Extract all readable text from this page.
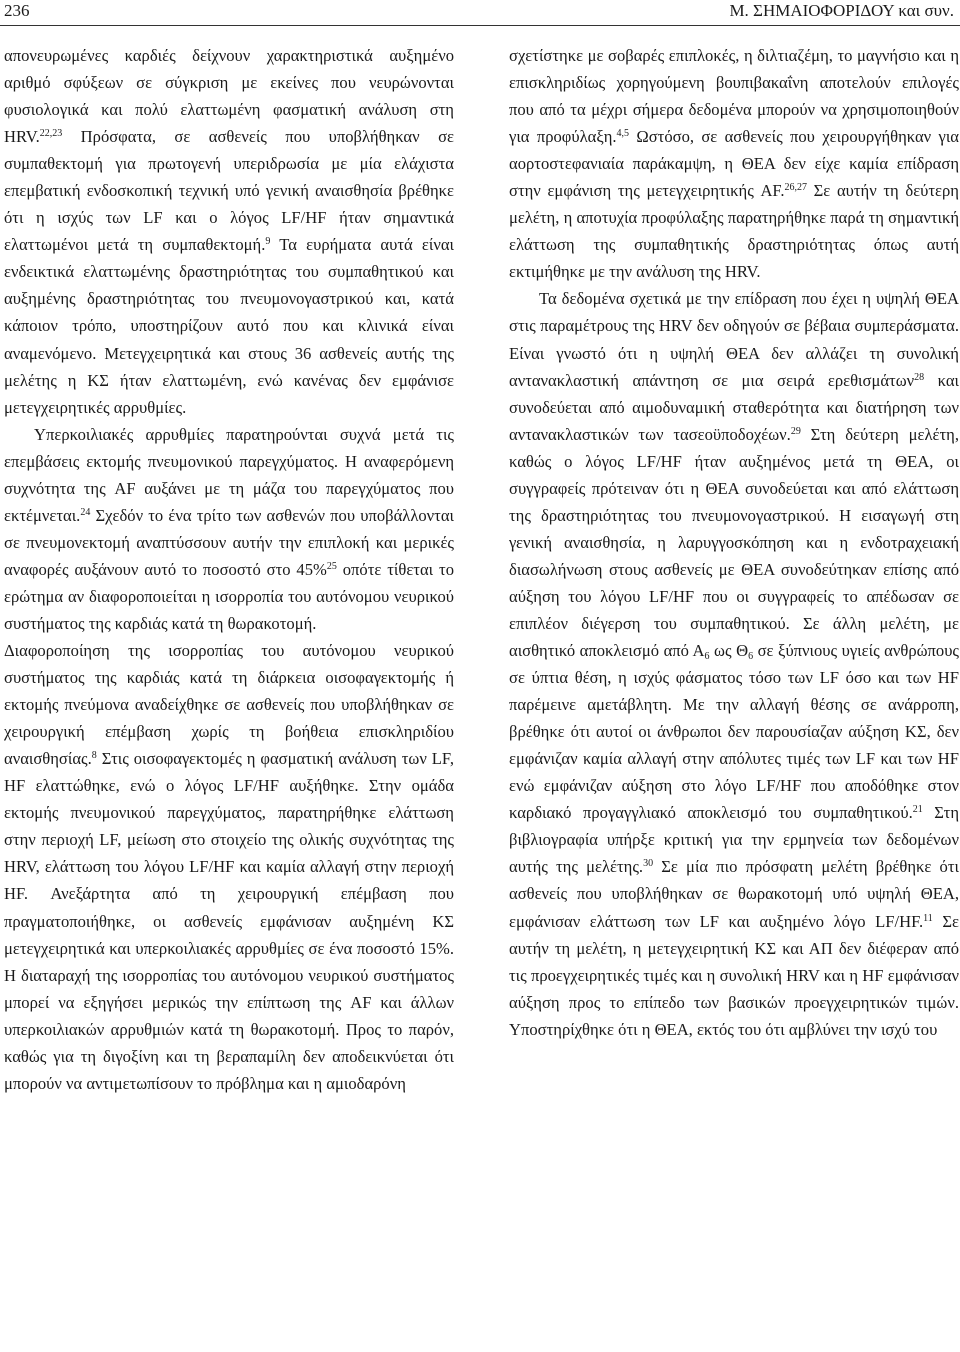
236	Μ. ΣΗΜΑΙΟΦΟΡΙΔΟΥ και συν.

απονευρωμένες καρδιές δείχνουν χαρακτηριστικά αυξημένο αριθμό σφύξεων σε σύγκριση με εκείνες που νευρώνονται φυσιολογικά και πολύ ελαττωμένη φασματική ανάλυση στη HRV.$^{22,23}$ Πρόσφατα, σε ασθενείς που υποβλήθηκαν σε συμπαθεκτομή για πρωτογενή υπεριδρωσία με μία ελάχιστα επεμβατική ενδοσκοπική τεχνική υπό γενική αναισθησία βρέθηκε ότι η ισχύς των LF και ο λόγος LF/HF ήταν σημαντικά ελαττωμένοι μετά τη συμπαθεκτομή.$^9$ Τα ευρήματα αυτά είναι ενδεικτικά ελαττωμένης δραστηριότητας του συμπαθητικού και αυξημένης δραστηριότητας του πνευμονογαστρικού και, κατά κάποιον τρόπο, υποστηρίζουν αυτό που και κλινικά είναι αναμενόμενο. Μετεγχειρητικά και στους 36 ασθενείς αυτής της μελέτης η ΚΣ ήταν ελαττωμένη, ενώ κανένας δεν εμφάνισε μετεγχειρητικές αρρυθμίες.

Υπερκοιλιακές αρρυθμίες παρατηρούνται συχνά μετά τις επεμβάσεις εκτομής πνευμονικού παρεγχύματος. Η αναφερόμενη συχνότητα της AF αυξάνει με τη μάζα του παρεγχύματος που εκτέμνεται.$^{24}$ Σχεδόν το ένα τρίτο των ασθενών που υποβάλλονται σε πνευμονεκτομή αναπτύσσουν αυτήν την επιπλοκή και μερικές αναφορές αυξάνουν αυτό το ποσοστό στο 45%$^{25}$ οπότε τίθεται το ερώτημα αν διαφοροποιείται η ισορροπία του αυτόνομου νευρικού συστήματος της καρδιάς κατά τη θωρακοτομή.

Διαφοροποίηση της ισορροπίας του αυτόνομου νευρικού συστήματος της καρδιάς κατά τη διάρκεια οισοφαγεκτομής ή εκτομής πνεύμονα αναδείχθηκε σε ασθενείς που υποβλήθηκαν σε χειρουργική επέμβαση χωρίς τη βοήθεια επισκληριδίου αναισθησίας.$^8$ Στις οισοφαγεκτομές η φασματική ανάλυση των LF, HF ελαττώθηκε, ενώ ο λόγος LF/HF αυξήθηκε. Στην ομάδα εκτομής πνευμονικού παρεγχύματος, παρατηρήθηκε ελάττωση στην περιοχή LF, μείωση στο στοιχείο της ολικής συχνότητας της HRV, ελάττωση του λόγου LF/HF και καμία αλλαγή στην περιοχή HF. Ανεξάρτητα από τη χειρουργική επέμβαση που πραγματοποιήθηκε, οι ασθενείς εμφάνισαν αυξημένη ΚΣ μετεγχειρητικά και υπερκοιλιακές αρρυθμίες σε ένα ποσοστό 15%. Η διαταραχή της ισορροπίας του αυτόνομου νευρικού συστήματος μπορεί να εξηγήσει μερικώς την επίπτωση της AF και άλλων υπερκοιλιακών αρρυθμιών κατά τη θωρακοτομή. Προς το παρόν, καθώς για τη διγοξίνη και τη βεραπαμίλη δεν αποδεικνύεται ότι μπορούν να αντιμετωπίσουν το πρόβλημα και η αμιοδαρόνη

σχετίστηκε με σοβαρές επιπλοκές, η διλτιαζέμη, το μαγνήσιο και η επισκληριδίως χορηγούμενη βουπιβακαΐνη αποτελούν επιλογές που από τα μέχρι σήμερα δεδομένα μπορούν να χρησιμοποιηθούν για προφύλαξη.$^{4,5}$ Ωστόσο, σε ασθενείς που χειρουργήθηκαν για αορτοστεφανιαία παράκαμψη, η ΘΕΑ δεν είχε καμία επίδραση στην εμφάνιση της μετεγχειρητικής AF.$^{26,27}$ Σε αυτήν τη δεύτερη μελέτη, η αποτυχία προφύλαξης παρατηρήθηκε παρά τη σημαντική ελάττωση της συμπαθητικής δραστηριότητας όπως αυτή εκτιμήθηκε με την ανάλυση της HRV.

Τα δεδομένα σχετικά με την επίδραση που έχει η υψηλή ΘΕΑ στις παραμέτρους της HRV δεν οδηγούν σε βέβαια συμπεράσματα. Είναι γνωστό ότι η υψηλή ΘΕΑ δεν αλλάζει τη συνολική αντανακλαστική απάντηση σε μια σειρά ερεθισμάτων$^{28}$ και συνοδεύεται από αιμοδυναμική σταθερότητα και διατήρηση των αντανακλαστικών των τασεοϋποδοχέων.$^{29}$ Στη δεύτερη μελέτη, καθώς ο λόγος LF/HF ήταν αυξημένος μετά τη ΘΕΑ, οι συγγραφείς πρότειναν ότι η ΘΕΑ συνοδεύεται και από ελάττωση της δραστηριότητας του πνευμονογαστρικού. Η εισαγωγή στη γενική αναισθησία, η λαρυγγοσκόπηση και η ενδοτραχειακή διασωλήνωση στους ασθενείς με ΘΕΑ συνοδεύτηκαν επίσης από αύξηση του λόγου LF/HF που οι συγγραφείς το απέδωσαν σε επιπλέον διέγερση του συμπαθητικού. Σε άλλη μελέτη, με αισθητικό αποκλεισμό από $A_6$ ως $\Theta_6$ σε ξύπνιους υγιείς ανθρώπους σε ύπτια θέση, η ισχύς φάσματος τόσο των LF όσο και των HF παρέμεινε αμετάβλητη. Με την αλλαγή θέσης σε ανάρροπη, βρέθηκε ότι αυτοί οι άνθρωποι δεν παρουσίαζαν αύξηση ΚΣ, δεν εμφάνιζαν καμία αλλαγή στην απόλυτες τιμές των LF και των HF ενώ εμφάνιζαν αύξηση στο λόγο LF/HF που αποδόθηκε στον καρδιακό προγαγγλιακό αποκλεισμό του συμπαθητικού.$^{21}$ Στη βιβλιογραφία υπήρξε κριτική για την ερμηνεία των δεδομένων αυτής της μελέτης.$^{30}$ Σε μία πιο πρόσφατη μελέτη βρέθηκε ότι ασθενείς που υποβλήθηκαν σε θωρακοτομή υπό υψηλή ΘΕΑ, εμφάνισαν ελάττωση των LF και αυξημένο λόγο LF/HF.$^{11}$ Σε αυτήν τη μελέτη, η μετεγχειρητική ΚΣ και ΑΠ δεν διέφεραν από τις προεγχειρητικές τιμές και η συνολική HRV και η HF εμφάνισαν αύξηση προς το επίπεδο των βασικών προεγχειρητικών τιμών. Υποστηρίχθηκε ότι η ΘΕΑ, εκτός του ότι αμβλύνει την ισχύ του
